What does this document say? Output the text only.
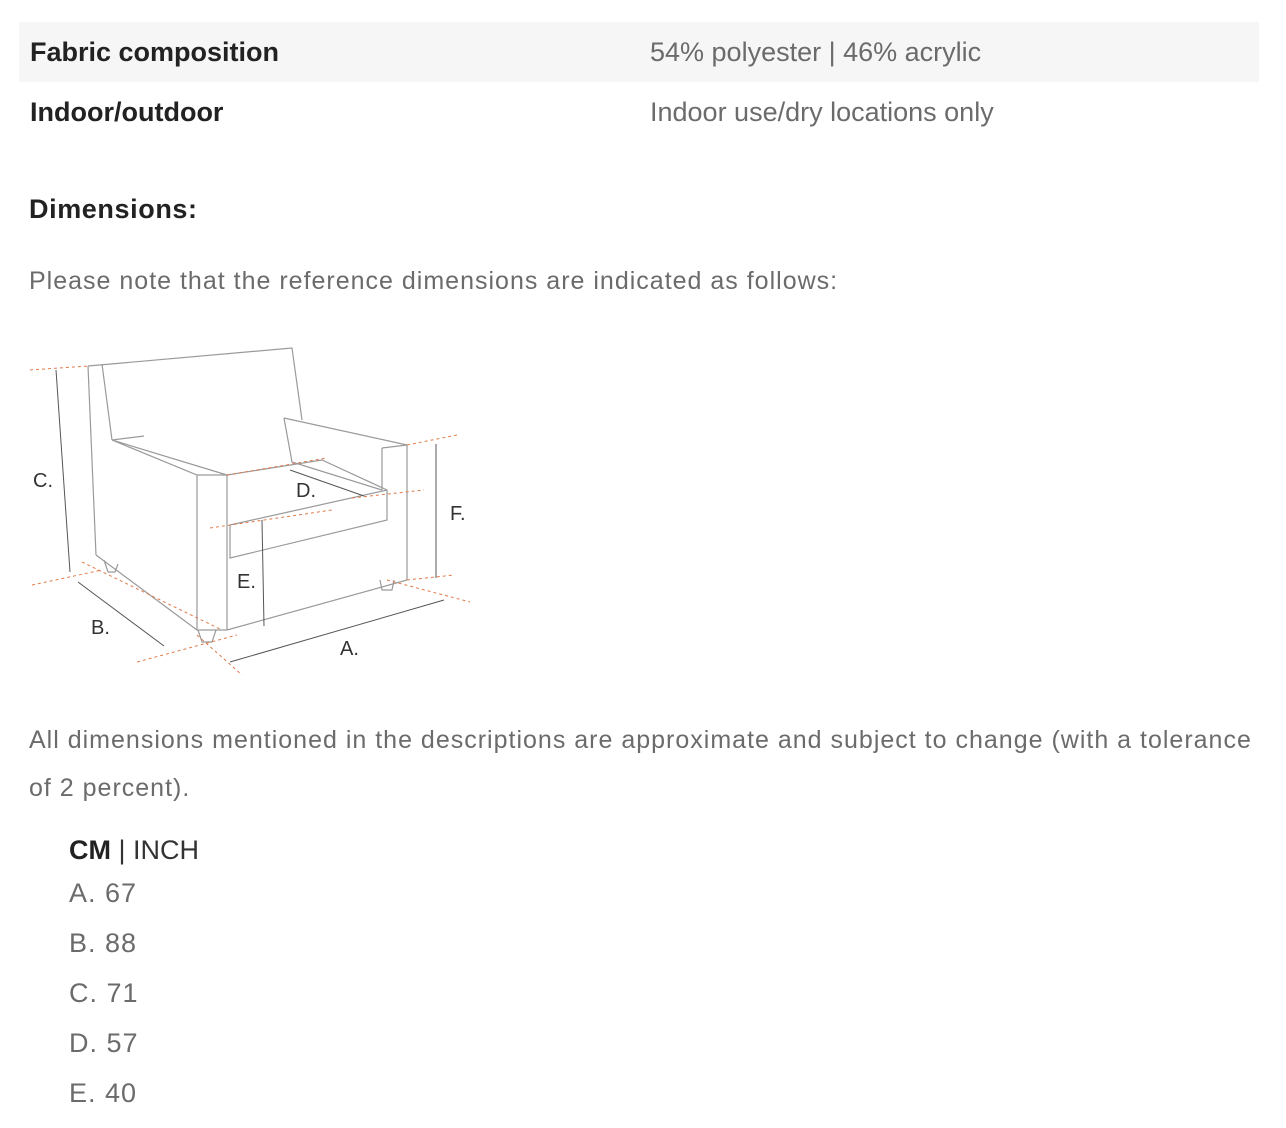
Fabric composition	54% polyester | 46% acrylic
Indoor/outdoor	Indoor use/dry locations only
Dimensions:

Please note that the reference dimensions are indicated as follows:

C.
B.
D.
E.
F.
A.

All dimensions mentioned in the descriptions are approximate and subject to change (with a tolerance of 2 percent).

CM | INCH
A. 67
B. 88
C. 71
D. 57
E. 40
